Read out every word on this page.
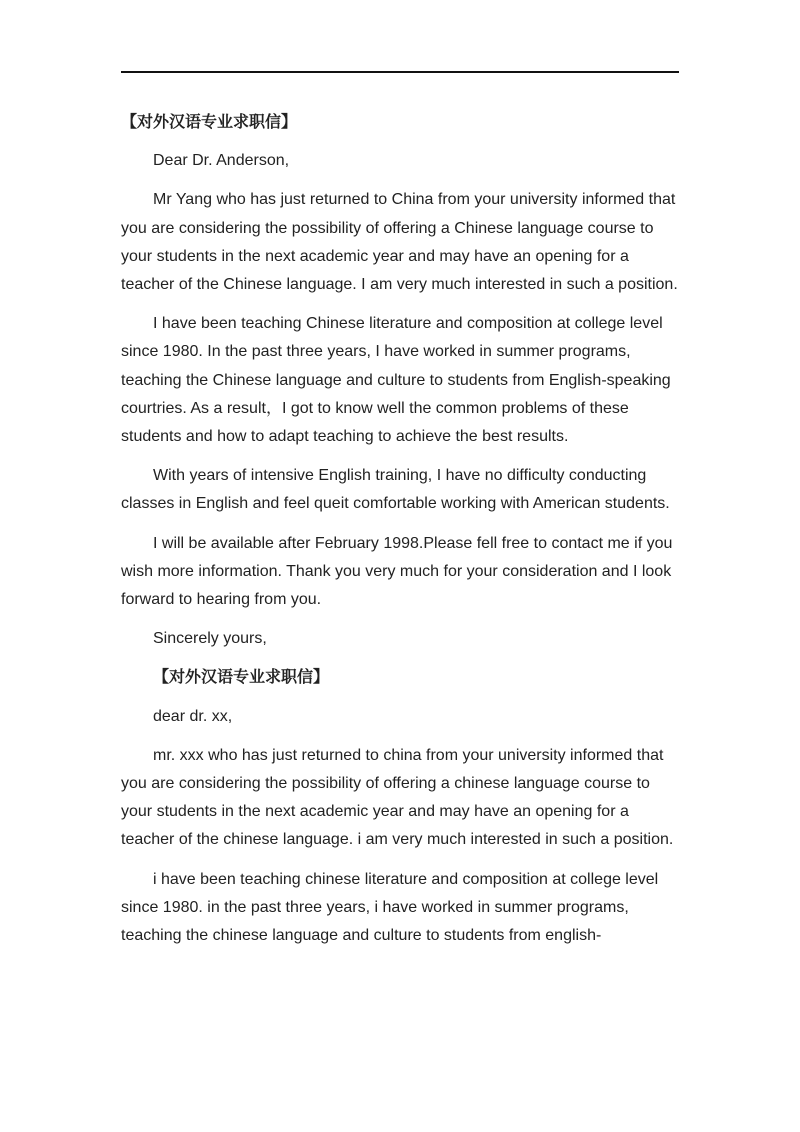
【对外汉语专业求职信】

Dear Dr. Anderson,

Mr Yang who has just returned to China from your university informed that you are considering the possibility of offering a Chinese language course to your students in the next academic year and may have an opening for a teacher of the Chinese language. I am very much interested in such a position.

I have been teaching Chinese literature and composition at college level since 1980. In the past three years, I have worked in summer programs, teaching the Chinese language and culture to students from English-speaking courtries. As a result，I got to know well the common problems of these students and how to adapt teaching to achieve the best results.

With years of intensive English training, I have no difficulty conducting classes in English and feel queit comfortable working with American students.

I will be available after February 1998.Please fell free to contact me if you wish more information. Thank you very much for your consideration and I look forward to hearing from you.

Sincerely yours,

【对外汉语专业求职信】

dear dr. xx,

mr. xxx who has just returned to china from your university informed that you are considering the possibility of offering a chinese language course to your students in the next academic year and may have an opening for a teacher of the chinese language. i am very much interested in such a position.

i have been teaching chinese literature and composition at college level since 1980. in the past three years, i have worked in summer programs, teaching the chinese language and culture to students from english-
